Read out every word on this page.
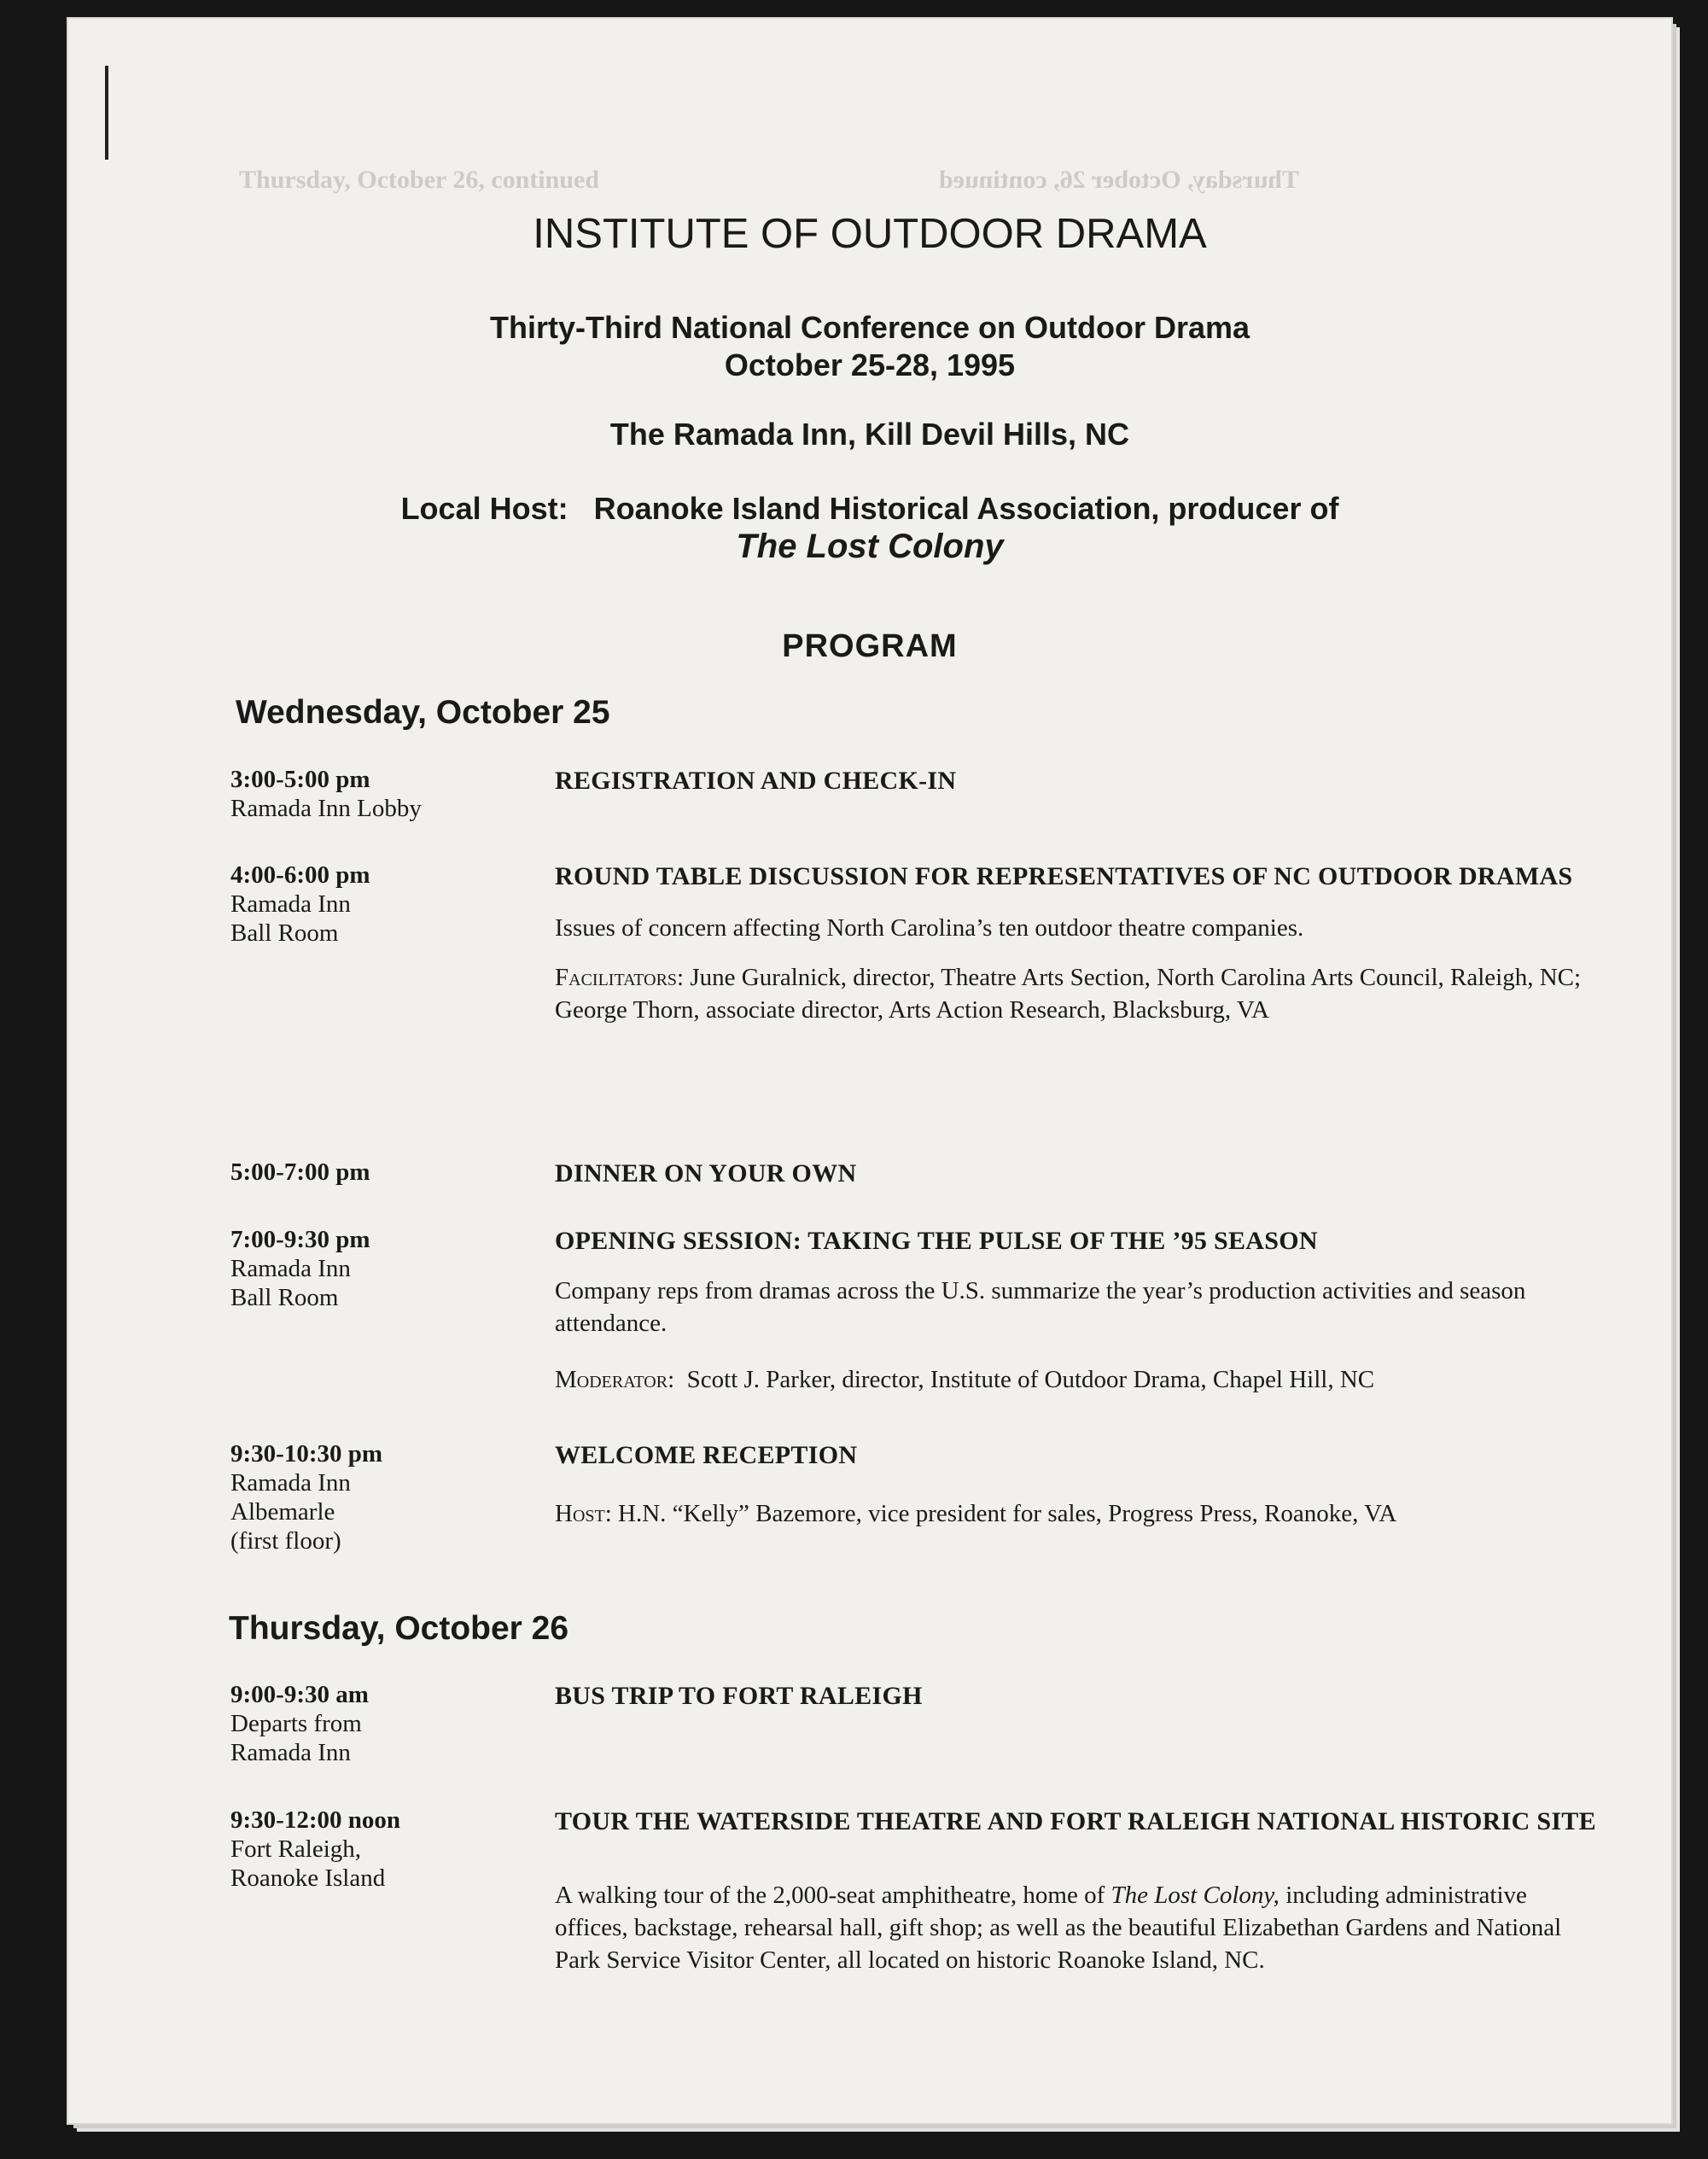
Thursday, October 26, continued	Thursday, October 26, continued
INSTITUTE OF OUTDOOR DRAMA
Thirty-Third National Conference on Outdoor Drama
October 25-28, 1995
The Ramada Inn, Kill Devil Hills, NC
Local Host: Roanoke Island Historical Association, producer of
The Lost Colony
PROGRAM
Wednesday, October 25
3:00-5:00 pm
Ramada Inn Lobby
REGISTRATION AND CHECK-IN
4:00-6:00 pm
Ramada Inn
Ball Room
ROUND TABLE DISCUSSION FOR REPRESENTATIVES OF NC OUTDOOR DRAMAS

Issues of concern affecting North Carolina’s ten outdoor theatre companies.

Facilitators: June Guralnick, director, Theatre Arts Section, North Carolina Arts Council, Raleigh, NC; George Thorn, associate director, Arts Action Research, Blacksburg, VA

5:00-7:00 pm	DINNER ON YOUR OWN
7:00-9:30 pm
Ramada Inn
Ball Room
OPENING SESSION: TAKING THE PULSE OF THE ’95 SEASON

Company reps from dramas across the U.S. summarize the year’s production activities and season attendance.

Moderator: Scott J. Parker, director, Institute of Outdoor Drama, Chapel Hill, NC

9:30-10:30 pm
Ramada Inn
Albemarle
(first floor)
WELCOME RECEPTION

Host: H.N. “Kelly” Bazemore, vice president for sales, Progress Press, Roanoke, VA

Thursday, October 26
9:00-9:30 am
Departs from
Ramada Inn
BUS TRIP TO FORT RALEIGH
9:30-12:00 noon
Fort Raleigh,
Roanoke Island
TOUR THE WATERSIDE THEATRE AND FORT RALEIGH NATIONAL HISTORIC SITE

A walking tour of the 2,000-seat amphitheatre, home of The Lost Colony, including administrative offices, backstage, rehearsal hall, gift shop; as well as the beautiful Elizabethan Gardens and National Park Service Visitor Center, all located on historic Roanoke Island, NC.
